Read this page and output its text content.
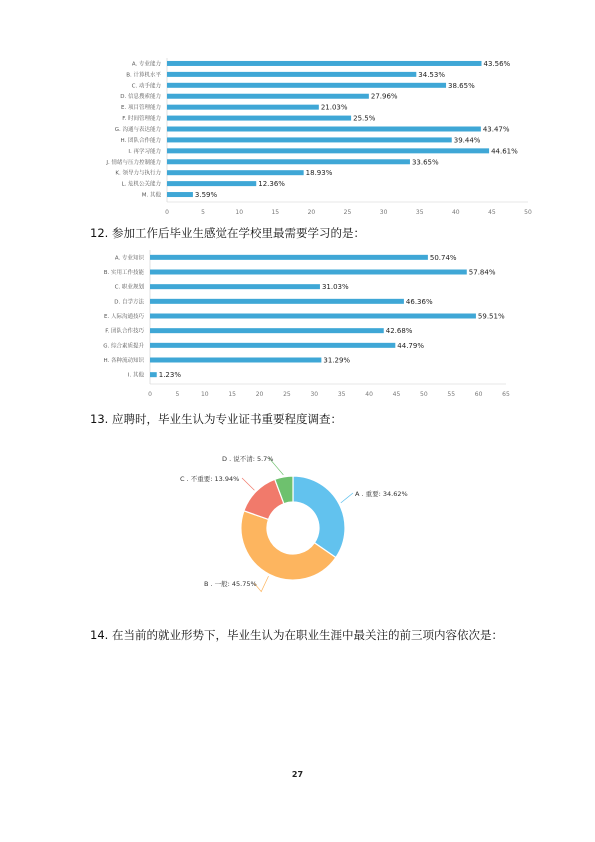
A. 专业能力	43.56%
B. 计算机水平	34.53%
C. 动手能力	38.65%
D. 信息搜索能力	27.96%
E. 项目管理能力	21.03%
F. 时间管理能力	25.5%
G. 沟通与表达能力	43.47%
H. 团队合作能力	39.44%
I. 再学习能力	44.61%
J. 情绪与压力控制能力	33.65%
K. 领导力与执行力	18.93%
L. 危机公关能力	12.36%
M. 其他	3.59%
0	5	10	15	20	25	30	35	40	45	50
12. 参加工作后毕业生感觉在学校里最需要学习的是：
A. 专业知识	50.74%
B. 实用工作技能	57.84%
C. 职业规划	31.03%
D. 自学方法	46.36%
E. 人际沟通技巧	59.51%
F. 团队合作技巧	42.68%
G. 综合素质提升	44.79%
H. 各种流动知识	31.29%
I. 其他 1.23%
0	5	10	15	20	25	30	35	40	45	50	55	60	65
13. 应聘时，毕业生认为专业证书重要程度调查：
A . 重要: 34.62%
B . 一般: 45.75%
C . 不重要: 13.94%
D . 说不清: 5.7%
14. 在当前的就业形势下，毕业生认为在职业生涯中最关注的前三项内容依次是：
27
